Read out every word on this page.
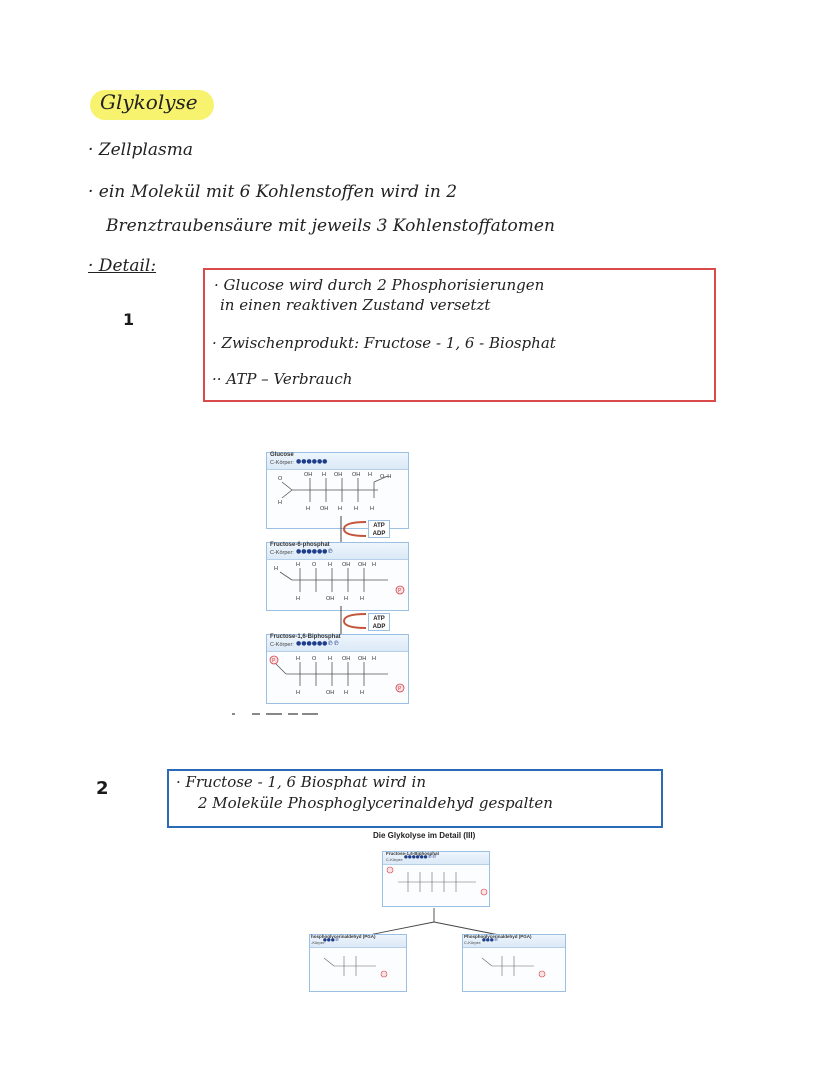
Glykolyse
· Zellplasma
· ein Molekül mit 6 Kohlenstoffen wird in 2
Brenztraubensäure mit jeweils 3 Kohlenstoffatomen
· Detail:
1
· Glucose wird durch 2 Phosphorisierungen
in einen reaktiven Zustand versetzt
· Zwischenprodukt: Fructose - 1, 6 - Biosphat
·· ATP – Verbrauch
Glucose
C-Körper: ●●●●●●
OH H OH OH H O–H
H OH H H H
O
H
ATP
ADP
Fructose-6-phosphat
C-Körper: ●●●●●●℗
H O H OH OH H
H	OH H H
H
P
ATP
ADP
Fructose-1,6-Biphosphat
C-Körper: ●●●●●●℗℗
H O H OH OH H
H	OH H H
P
P
2	· Fructose - 1, 6 Biosphat wird in
2 Moleküle Phosphoglycerinaldehyd gespalten
Die Glykolyse im Detail (III)
Fructose-1,6-Biphosphat
C-Körper: ●●●●●●℗℗
hosphoglycerinaldehyd (PGA)
-Körper:
●●●℗
Phosphoglycerinaldehyd (PGA)
C-Körper: ●●●℗
